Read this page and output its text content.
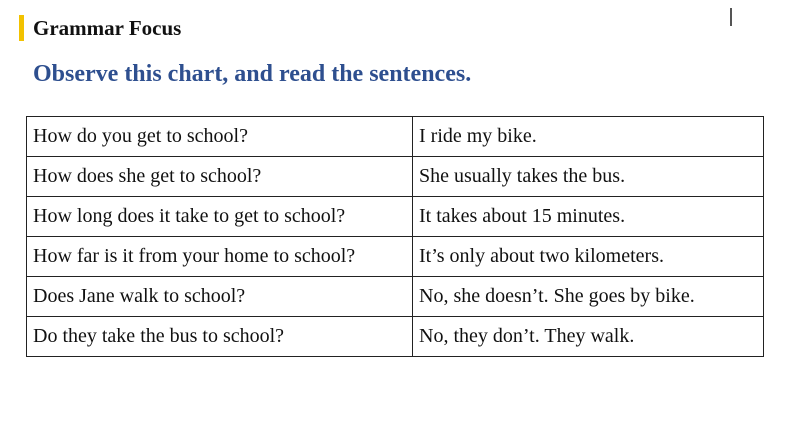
Grammar Focus
Observe this chart, and read the sentences.
How do you get to school?	I ride my bike.
How does she get to school?	She usually takes the bus.
How long does it take to get to school?	It takes about 15 minutes.
How far is it from your home to school?	It’s only about two kilometers.
Does Jane walk to school?	No, she doesn’t. She goes by bike.
Do they take the bus to school?	No, they don’t. They walk.
